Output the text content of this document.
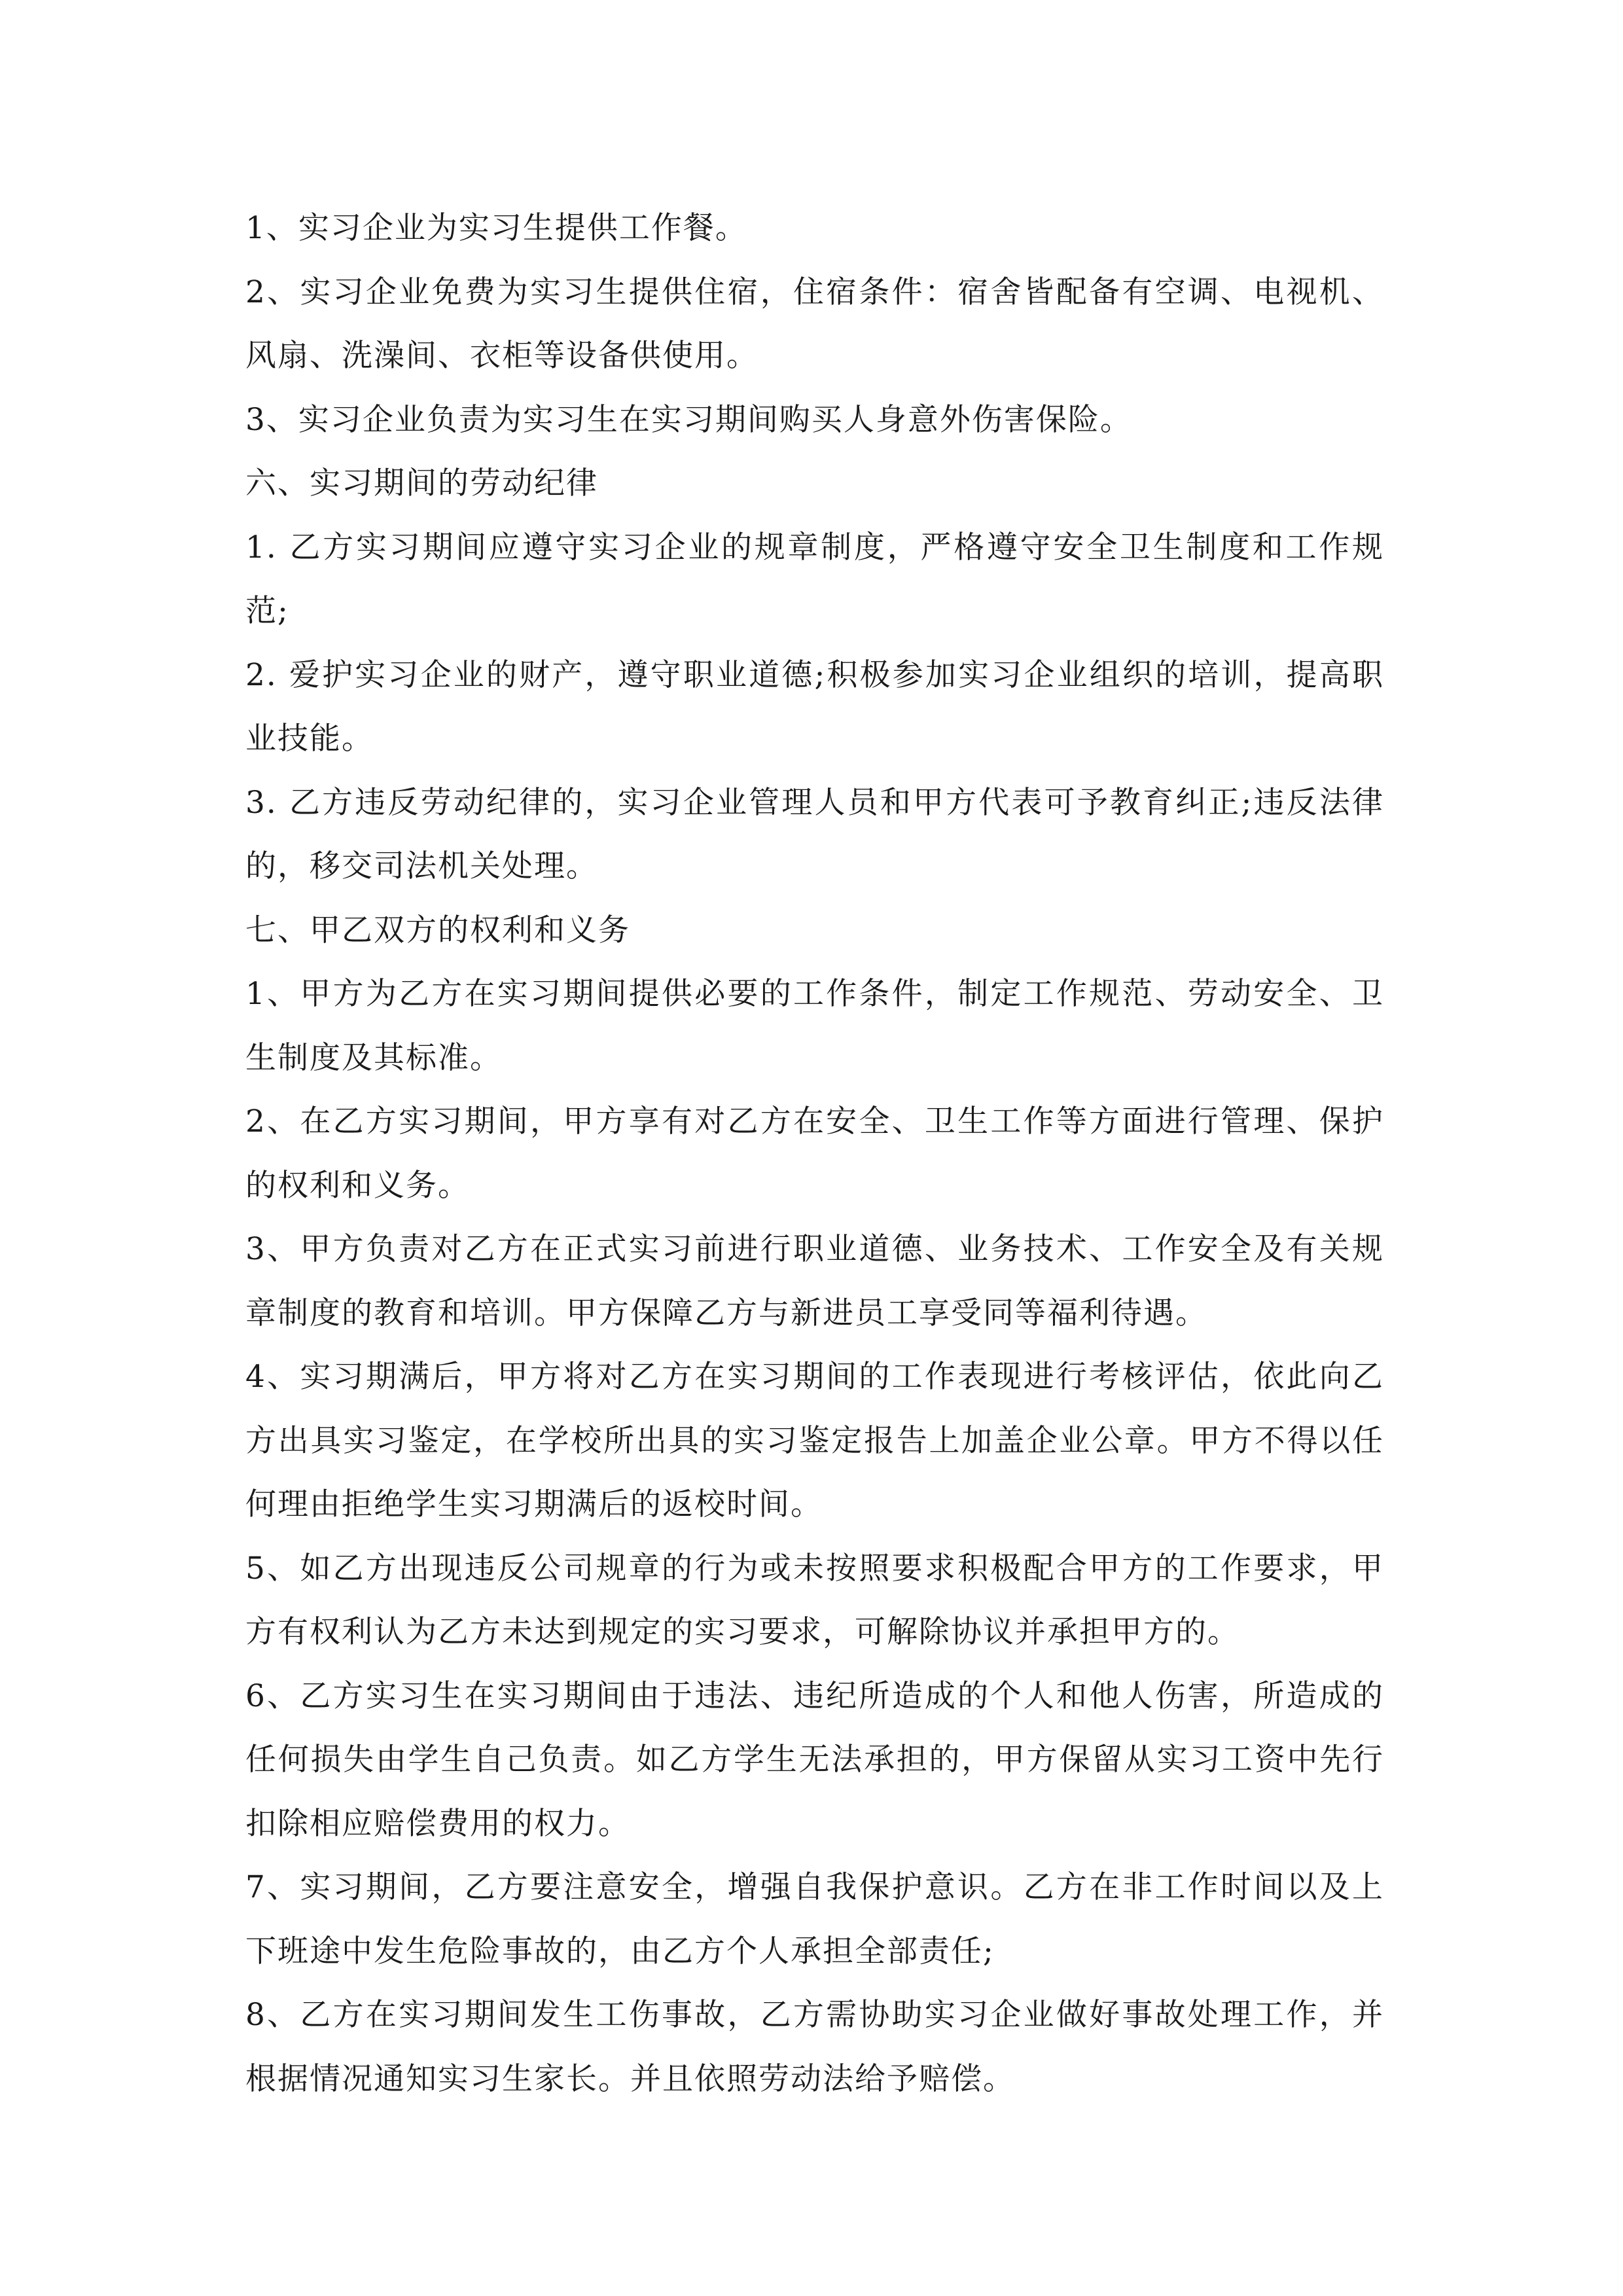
1、实习企业为实习生提供工作餐。

2、实习企业免费为实习生提供住宿，住宿条件：宿舍皆配备有空调、电视机、风扇、洗澡间、衣柜等设备供使用。

3、实习企业负责为实习生在实习期间购买人身意外伤害保险。

六、实习期间的劳动纪律

1. 乙方实习期间应遵守实习企业的规章制度，严格遵守安全卫生制度和工作规范;

2. 爱护实习企业的财产，遵守职业道德;积极参加实习企业组织的培训，提高职业技能。

3. 乙方违反劳动纪律的，实习企业管理人员和甲方代表可予教育纠正;违反法律的，移交司法机关处理。

七、甲乙双方的权利和义务

1、甲方为乙方在实习期间提供必要的工作条件，制定工作规范、劳动安全、卫生制度及其标准。

2、在乙方实习期间，甲方享有对乙方在安全、卫生工作等方面进行管理、保护的权利和义务。

3、甲方负责对乙方在正式实习前进行职业道德、业务技术、工作安全及有关规章制度的教育和培训。甲方保障乙方与新进员工享受同等福利待遇。

4、实习期满后，甲方将对乙方在实习期间的工作表现进行考核评估，依此向乙方出具实习鉴定，在学校所出具的实习鉴定报告上加盖企业公章。甲方不得以任何理由拒绝学生实习期满后的返校时间。

5、如乙方出现违反公司规章的行为或未按照要求积极配合甲方的工作要求，甲方有权利认为乙方未达到规定的实习要求，可解除协议并承担甲方的。

6、乙方实习生在实习期间由于违法、违纪所造成的个人和他人伤害，所造成的任何损失由学生自己负责。如乙方学生无法承担的，甲方保留从实习工资中先行扣除相应赔偿费用的权力。

7、实习期间，乙方要注意安全，增强自我保护意识。乙方在非工作时间以及上下班途中发生危险事故的，由乙方个人承担全部责任;

8、乙方在实习期间发生工伤事故，乙方需协助实习企业做好事故处理工作，并根据情况通知实习生家长。并且依照劳动法给予赔偿。
